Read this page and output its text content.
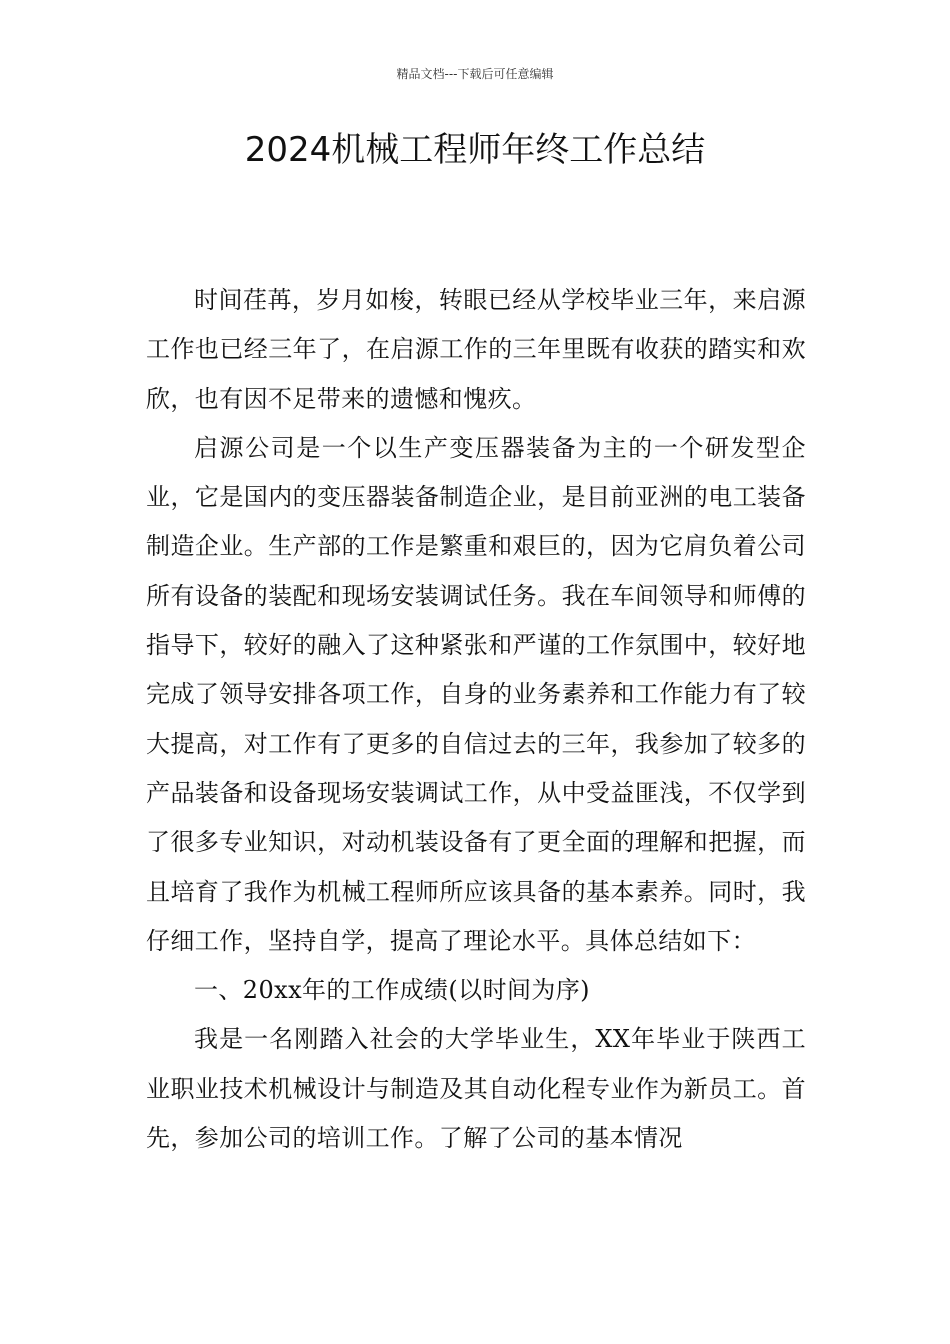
精品文档---下载后可任意编辑
2024机械工程师年终工作总结

时间荏苒，岁月如梭，转眼已经从学校毕业三年，来启源工作也已经三年了，在启源工作的三年里既有收获的踏实和欢欣，也有因不足带来的遗憾和愧疚。

启源公司是一个以生产变压器装备为主的一个研发型企业，它是国内的变压器装备制造企业，是目前亚洲的电工装备制造企业。生产部的工作是繁重和艰巨的，因为它肩负着公司所有设备的装配和现场安装调试任务。我在车间领导和师傅的指导下，较好的融入了这种紧张和严谨的工作氛围中，较好地完成了领导安排各项工作，自身的业务素养和工作能力有了较大提高，对工作有了更多的自信过去的三年，我参加了较多的产品装备和设备现场安装调试工作，从中受益匪浅，不仅学到了很多专业知识，对动机装设备有了更全面的理解和把握，而且培育了我作为机械工程师所应该具备的基本素养。同时，我仔细工作，坚持自学，提高了理论水平。具体总结如下：

一、20xx年的工作成绩(以时间为序)

我是一名刚踏入社会的大学毕业生，XX年毕业于陕西工业职业技术机械设计与制造及其自动化程专业作为新员工。首先，参加公司的培训工作。了解了公司的基本情况
